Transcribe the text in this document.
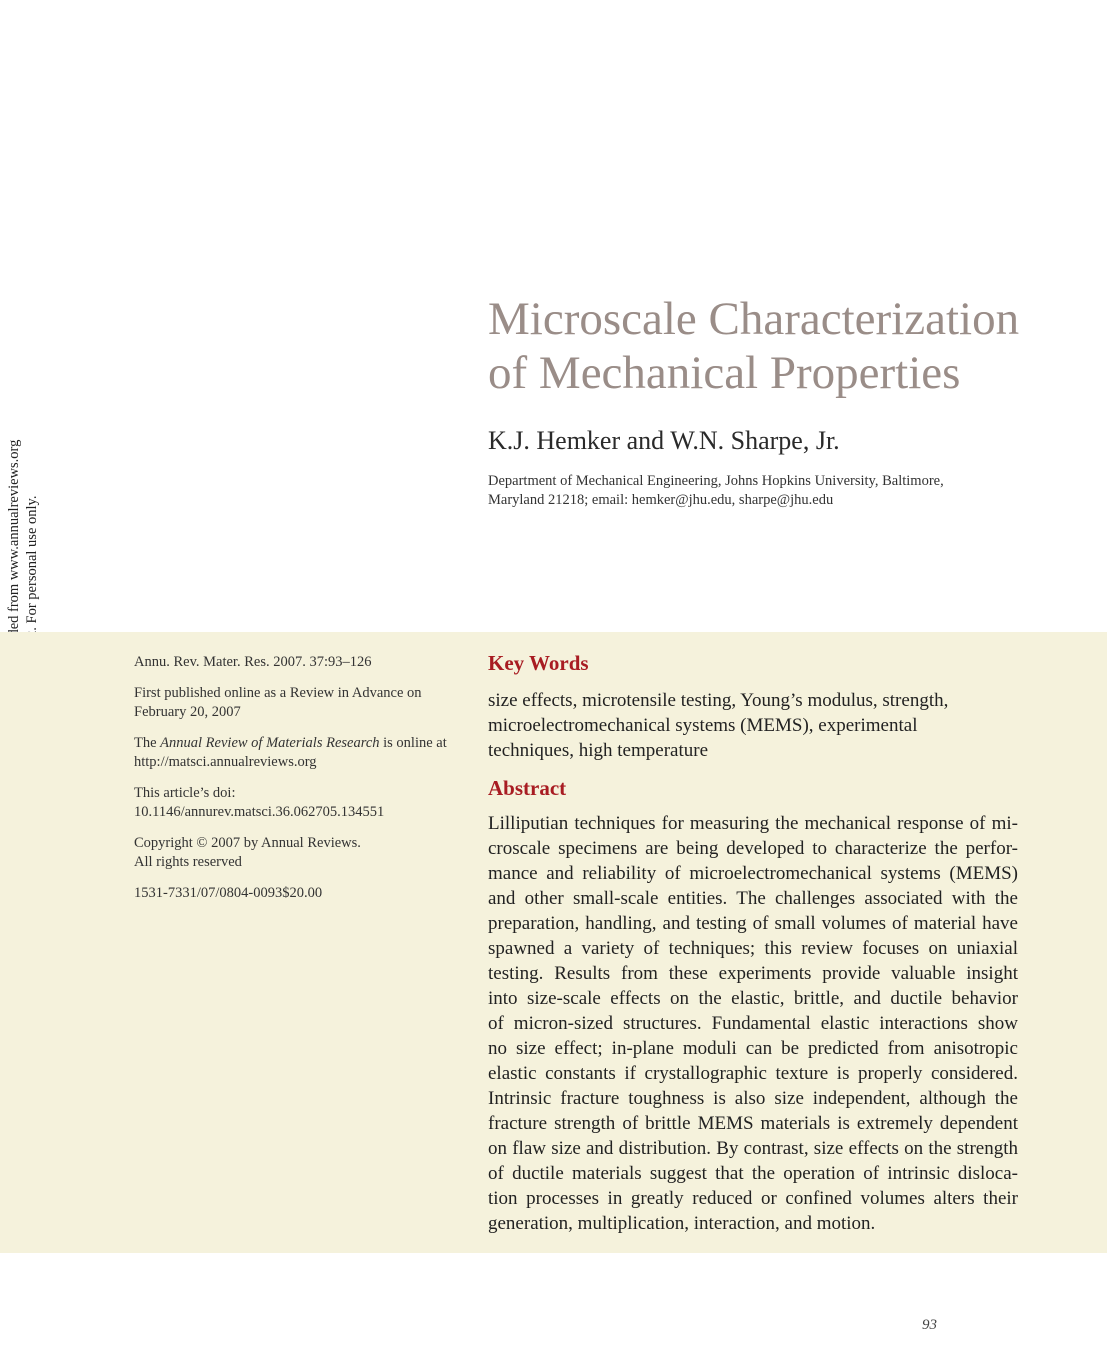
Microscale Characterization
of Mechanical Properties
K.J. Hemker and W.N. Sharpe, Jr.
Department of Mechanical Engineering, Johns Hopkins University, Baltimore,
Maryland 21218; email: hemker@jhu.edu, sharpe@jhu.edu

Annu. Rev. Mater. Res. 2007. 37:93–126

First published online as a Review in Advance on
February 20, 2007

The Annual Review of Materials Research is online at
http://matsci.annualreviews.org

This article’s doi:
10.1146/annurev.matsci.36.062705.134551

Copyright © 2007 by Annual Reviews.
All rights reserved

1531-7331/07/0804-0093$20.00

Key Words
size effects, microtensile testing, Young’s modulus, strength,
microelectromechanical systems (MEMS), experimental
techniques, high temperature
Abstract
Lilliputian techniques for measuring the mechanical response of mi-
croscale specimens are being developed to characterize the perfor-
mance and reliability of microelectromechanical systems (MEMS)
and other small-scale entities. The challenges associated with the
preparation, handling, and testing of small volumes of material have
spawned a variety of techniques; this review focuses on uniaxial
testing. Results from these experiments provide valuable insight
into size-scale effects on the elastic, brittle, and ductile behavior
of micron-sized structures. Fundamental elastic interactions show
no size effect; in-plane moduli can be predicted from anisotropic
elastic constants if crystallographic texture is properly considered.
Intrinsic fracture toughness is also size independent, although the
fracture strength of brittle MEMS materials is extremely dependent
on flaw size and distribution. By contrast, size effects on the strength
of ductile materials suggest that the operation of intrinsic disloca-
tion processes in greatly reduced or confined volumes alters their
generation, multiplication, interaction, and motion.
93
